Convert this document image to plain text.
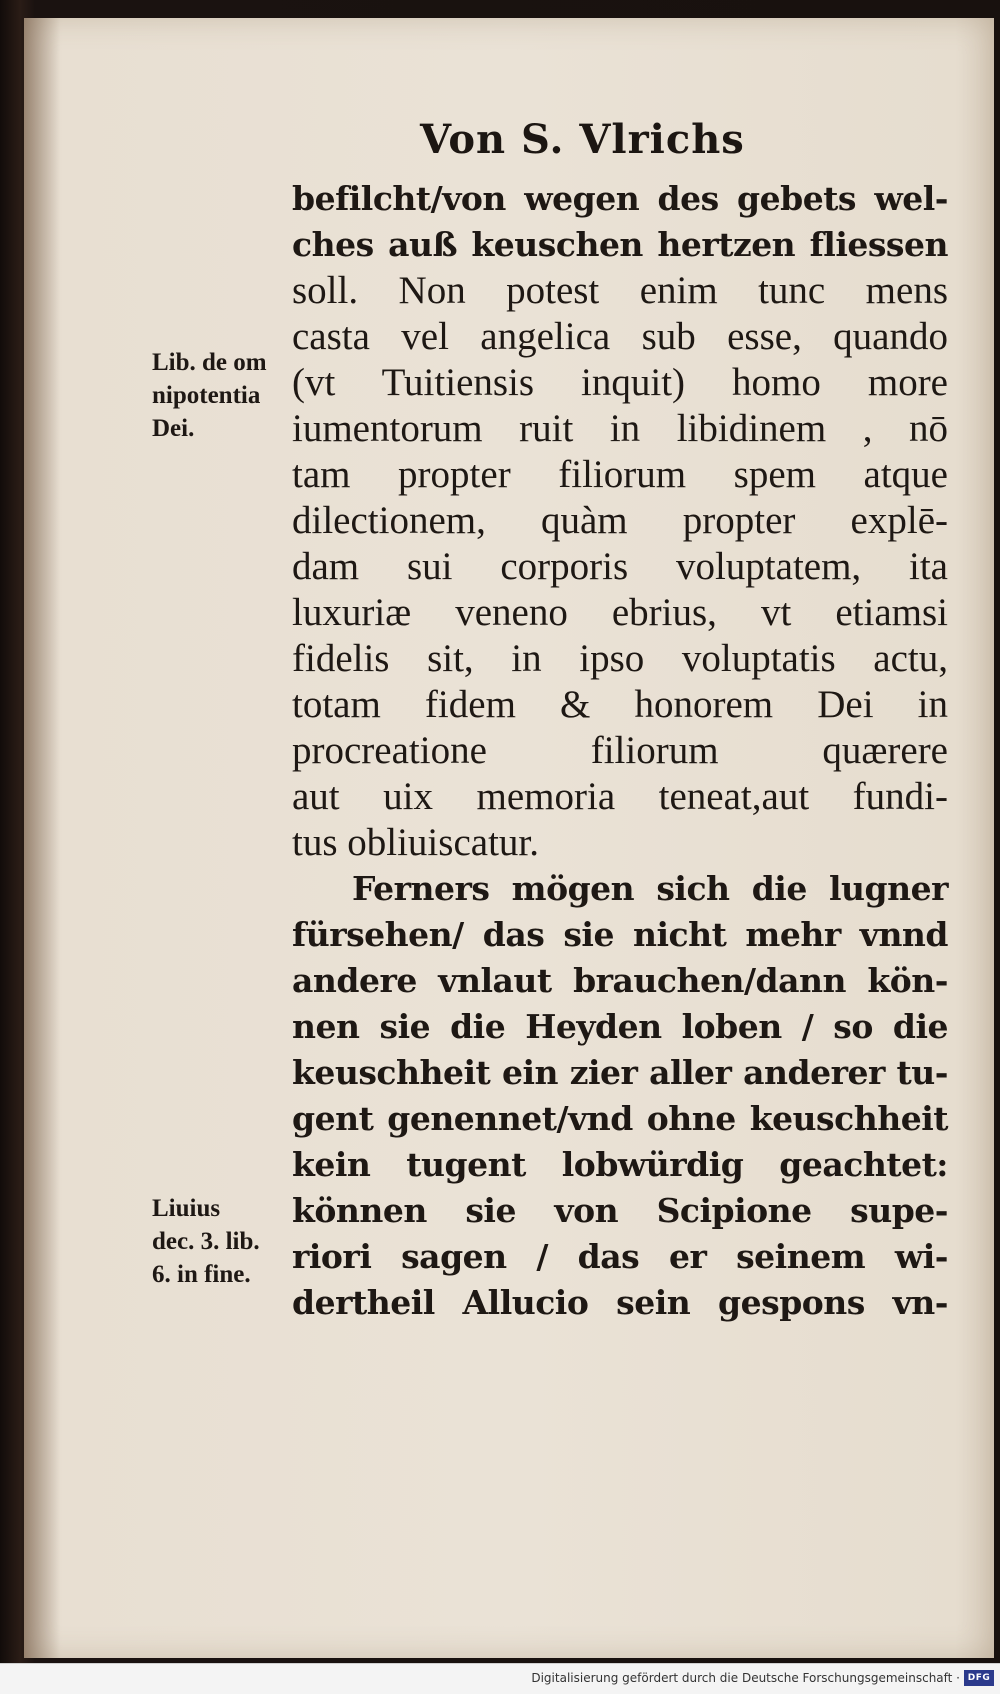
Von S. Vlrichs
befilcht/von wegen des gebets wel-
ches auß keuschen hertzen fliessen
soll. Non potest enim tunc mens
casta vel angelica sub esse, quando
(vt Tuitiensis inquit) homo more
iumentorum ruit in libidinem , nō
tam propter filiorum spem atque
dilectionem, quàm propter explē-
dam sui corporis voluptatem, ita
luxuriæ veneno ebrius, vt etiamsi
fidelis sit, in ipso voluptatis actu,
totam fidem & honorem Dei in
procreatione filiorum quærere
aut uix memoria teneat,aut fundi-
tus obliuiscatur.
Ferners mögen sich die lugner
fürsehen/ das sie nicht mehr vnnd
andere vnlaut brauchen/dann kön-
nen sie die Heyden loben / so die
keuschheit ein zier aller anderer tu-
gent genennet/vnd ohne keuschheit
kein tugent lobwürdig geachtet:
können sie von Scipione supe-
riori sagen / das er seinem wi-
dertheil Allucio sein gespons vn-
Lib. de om
nipotentia
Dei.
Liuius
dec. 3. lib.
6. in fine.
Digitalisierung gefördert durch die Deutsche Forschungsgemeinschaft · DFG
